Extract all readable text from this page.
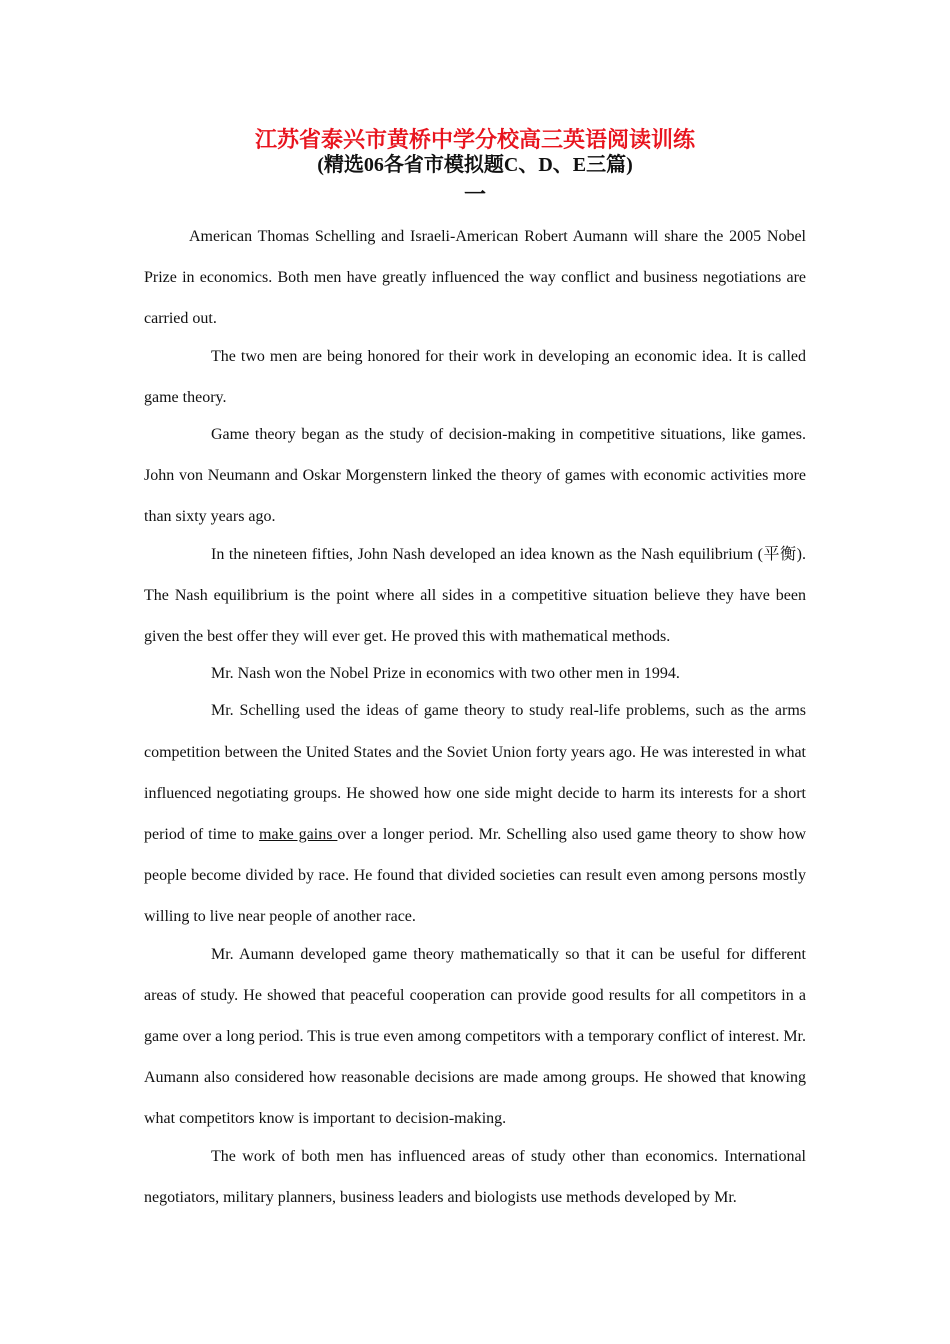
江苏省泰兴市黄桥中学分校高三英语阅读训练
(精选06各省市模拟题C、D、E三篇)
一

American Thomas Schelling and Israeli-American Robert Aumann will share the 2005 Nobel Prize in economics. Both men have greatly influenced the way conflict and business negotiations are carried out.

The two men are being honored for their work in developing an economic idea. It is called game theory.

Game theory began as the study of decision-making in competitive situations, like games. John von Neumann and Oskar Morgenstern linked the theory of games with economic activities more than sixty years ago.

In the nineteen fifties, John Nash developed an idea known as the Nash equilibrium (平衡). The Nash equilibrium is the point where all sides in a competitive situation believe they have been given the best offer they will ever get. He proved this with mathematical methods.

Mr. Nash won the Nobel Prize in economics with two other men in 1994.

Mr. Schelling used the ideas of game theory to study real-life problems, such as the arms competition between the United States and the Soviet Union forty years ago. He was interested in what influenced negotiating groups. He showed how one side might decide to harm its interests for a short period of time to make gains over a longer period. Mr. Schelling also used game theory to show how people become divided by race. He found that divided societies can result even among persons mostly willing to live near people of another race.

Mr. Aumann developed game theory mathematically so that it can be useful for different areas of study. He showed that peaceful cooperation can provide good results for all competitors in a game over a long period. This is true even among competitors with a temporary conflict of interest. Mr. Aumann also considered how reasonable decisions are made among groups. He showed that knowing what competitors know is important to decision-making.

The work of both men has influenced areas of study other than economics. International negotiators, military planners, business leaders and biologists use methods developed by Mr.
